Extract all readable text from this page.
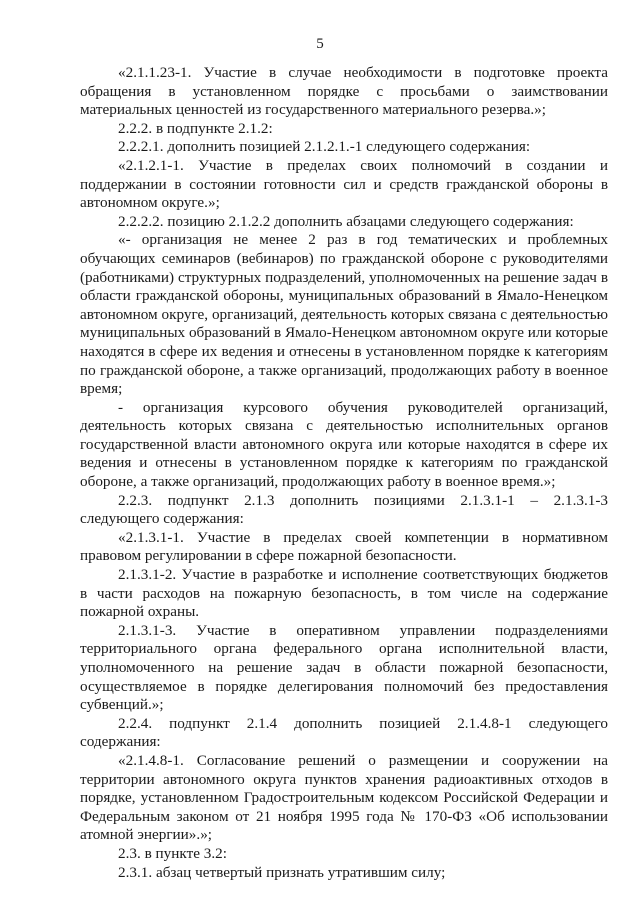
5

«2.1.1.23-1. Участие в случае необходимости в подготовке проекта обращения в установленном порядке с просьбами о заимствовании материальных ценностей из государственного материального резерва.»;

2.2.2. в подпункте 2.1.2:

2.2.2.1. дополнить позицией 2.1.2.1.-1 следующего содержания:

«2.1.2.1-1. Участие в пределах своих полномочий в создании и поддержании в состоянии готовности сил и средств гражданской обороны в автономном округе.»;

2.2.2.2. позицию 2.1.2.2 дополнить абзацами следующего содержания:

«- организация не менее 2 раз в год тематических и проблемных обучающих семинаров (вебинаров) по гражданской обороне с руководителями (работниками) структурных подразделений, уполномоченных на решение задач в области гражданской обороны, муниципальных образований в Ямало-Ненецком автономном округе, организаций, деятельность которых связана с деятельностью муниципальных образований в Ямало-Ненецком автономном округе или которые находятся в сфере их ведения и отнесены в установленном порядке к категориям по гражданской обороне, а также организаций, продолжающих работу в военное время;

- организация курсового обучения руководителей организаций, деятельность которых связана с деятельностью исполнительных органов государственной власти автономного округа или которые находятся в сфере их ведения и отнесены в установленном порядке к категориям по гражданской обороне, а также организаций, продолжающих работу в военное время.»;

2.2.3. подпункт 2.1.3 дополнить позициями 2.1.3.1-1 – 2.1.3.1-3 следующего содержания:

«2.1.3.1-1. Участие в пределах своей компетенции в нормативном правовом регулировании в сфере пожарной безопасности.

2.1.3.1-2. Участие в разработке и исполнение соответствующих бюджетов в части расходов на пожарную безопасность, в том числе на содержание пожарной охраны.

2.1.3.1-3. Участие в оперативном управлении подразделениями территориального органа федерального органа исполнительной власти, уполномоченного на решение задач в области пожарной безопасности, осуществляемое в порядке делегирования полномочий без предоставления субвенций.»;

2.2.4. подпункт 2.1.4 дополнить позицией 2.1.4.8-1 следующего содержания:

«2.1.4.8-1. Согласование решений о размещении и сооружении на территории автономного округа пунктов хранения радиоактивных отходов в порядке, установленном Градостроительным кодексом Российской Федерации и Федеральным законом от 21 ноября 1995 года № 170-ФЗ «Об использовании атомной энергии».»;

2.3. в пункте 3.2:

2.3.1. абзац четвертый признать утратившим силу;
